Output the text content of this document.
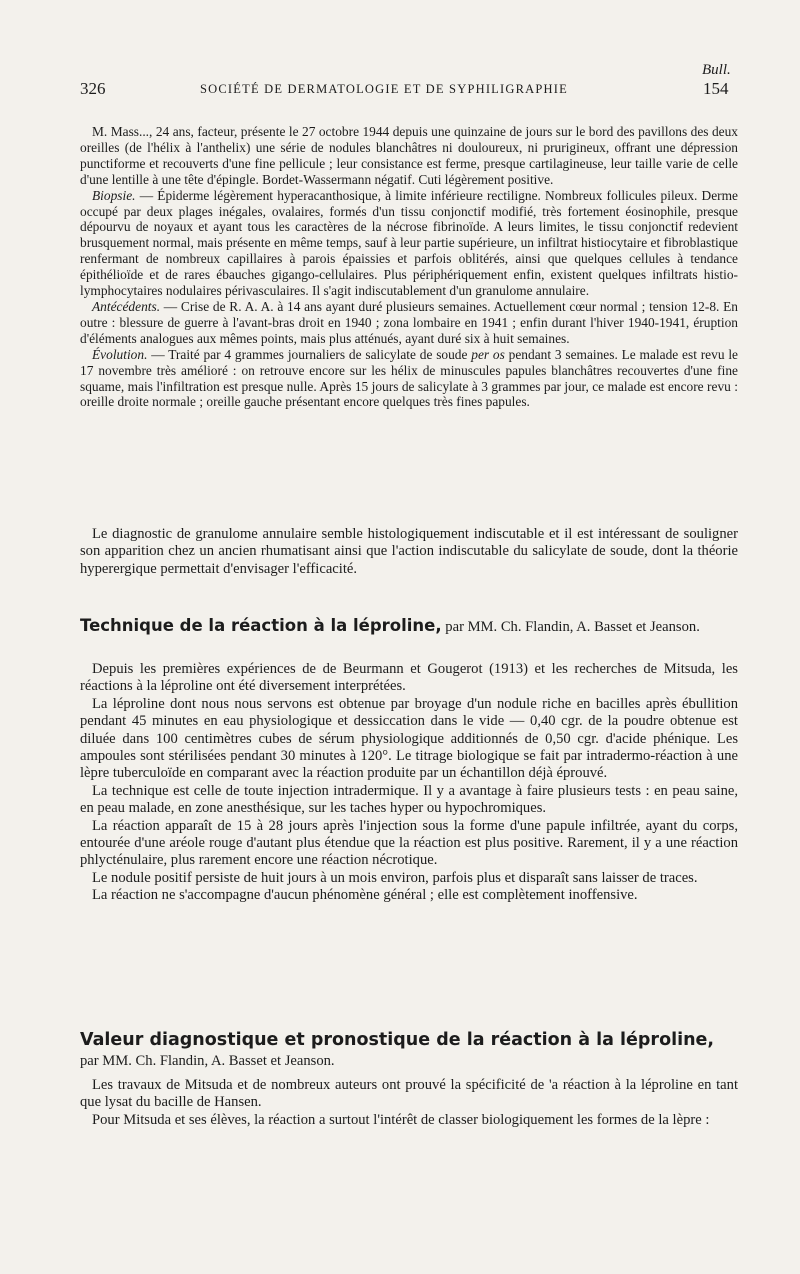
Bull.
326	SOCIÉTÉ DE DERMATOLOGIE ET DE SYPHILIGRAPHIE	154

M. Mass..., 24 ans, facteur, présente le 27 octobre 1944 depuis une quinzaine de jours sur le bord des pavillons des deux oreilles (de l'hélix à l'anthelix) une série de nodules blanchâtres ni douloureux, ni prurigineux, offrant une dépression punctiforme et recouverts d'une fine pellicule ; leur consistance est ferme, presque cartilagineuse, leur taille varie de celle d'une lentille à une tête d'épingle. Bordet-Wassermann négatif. Cuti légèrement positive.

Biopsie. — Épiderme légèrement hyperacanthosique, à limite inférieure rectiligne. Nombreux follicules pileux. Derme occupé par deux plages inégales, ovalaires, formés d'un tissu conjonctif modifié, très fortement éosinophile, presque dépourvu de noyaux et ayant tous les caractères de la nécrose fibrinoïde. A leurs limites, le tissu conjonctif redevient brusquement normal, mais présente en même temps, sauf à leur partie supérieure, un infiltrat histiocytaire et fibroblastique renfermant de nombreux capillaires à parois épaissies et parfois oblitérés, ainsi que quelques cellules à tendance épithélioïde et de rares ébauches gigango-cellulaires. Plus périphériquement enfin, existent quelques infiltrats histio-lymphocytaires nodulaires périvasculaires. Il s'agit indiscutablement d'un granulome annulaire.

Antécédents. — Crise de R. A. A. à 14 ans ayant duré plusieurs semaines. Actuellement cœur normal ; tension 12-8. En outre : blessure de guerre à l'avant-bras droit en 1940 ; zona lombaire en 1941 ; enfin durant l'hiver 1940-1941, éruption d'éléments analogues aux mêmes points, mais plus atténués, ayant duré six à huit semaines.

Évolution. — Traité par 4 grammes journaliers de salicylate de soude per os pendant 3 semaines. Le malade est revu le 17 novembre très amélioré : on retrouve encore sur les hélix de minuscules papules blanchâtres recouvertes d'une fine squame, mais l'infiltration est presque nulle. Après 15 jours de salicylate à 3 grammes par jour, ce malade est encore revu : oreille droite normale ; oreille gauche présentant encore quelques très fines papules.

Le diagnostic de granulome annulaire semble histologiquement indiscutable et il est intéressant de souligner son apparition chez un ancien rhumatisant ainsi que l'action indiscutable du salicylate de soude, dont la théorie hyperergique permettait d'envisager l'efficacité.

Technique de la réaction à la léproline, par MM. Ch. Flandin, A. Basset et Jeanson.

Depuis les premières expériences de de Beurmann et Gougerot (1913) et les recherches de Mitsuda, les réactions à la léproline ont été diversement interprétées.

La léproline dont nous nous servons est obtenue par broyage d'un nodule riche en bacilles après ébullition pendant 45 minutes en eau physiologique et dessiccation dans le vide — 0,40 cgr. de la poudre obtenue est diluée dans 100 centimètres cubes de sérum physiologique additionnés de 0,50 cgr. d'acide phénique. Les ampoules sont stérilisées pendant 30 minutes à 120°. Le titrage biologique se fait par intradermo-réaction à une lèpre tuberculoïde en comparant avec la réaction produite par un échantillon déjà éprouvé.

La technique est celle de toute injection intradermique. Il y a avantage à faire plusieurs tests : en peau saine, en peau malade, en zone anesthésique, sur les taches hyper ou hypochromiques.

La réaction apparaît de 15 à 28 jours après l'injection sous la forme d'une papule infiltrée, ayant du corps, entourée d'une aréole rouge d'autant plus étendue que la réaction est plus positive. Rarement, il y a une réaction phlycténulaire, plus rarement encore une réaction nécrotique.

Le nodule positif persiste de huit jours à un mois environ, parfois plus et disparaît sans laisser de traces.

La réaction ne s'accompagne d'aucun phénomène général ; elle est complètement inoffensive.

Valeur diagnostique et pronostique de la réaction à la léproline,
par MM. Ch. Flandin, A. Basset et Jeanson.

Les travaux de Mitsuda et de nombreux auteurs ont prouvé la spécificité de 'a réaction à la léproline en tant que lysat du bacille de Hansen.

Pour Mitsuda et ses élèves, la réaction a surtout l'intérêt de classer biologiquement les formes de la lèpre :
